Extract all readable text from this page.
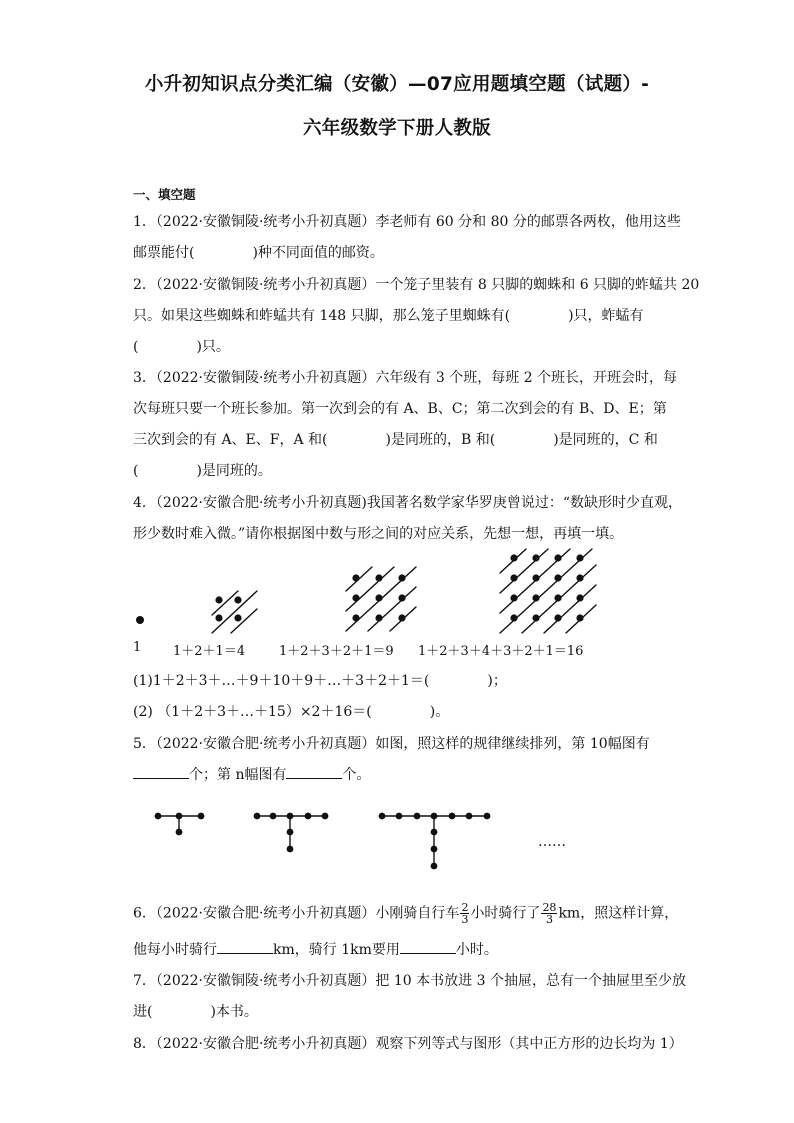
小升初知识点分类汇编（安徽）—07应用题填空题（试题）-
六年级数学下册人教版
一、填空题
1．（2022·安徽铜陵·统考小升初真题）李老师有 60 分和 80 分的邮票各两枚，他用这些
邮票能付(	)种不同面值的邮资。
2．（2022·安徽铜陵·统考小升初真题）一个笼子里装有 8 只脚的蜘蛛和 6 只脚的蚱蜢共 20
只。如果这些蜘蛛和蚱蜢共有 148 只脚，那么笼子里蜘蛛有(	)只，蚱蜢有
(	)只。
3．（2022·安徽铜陵·统考小升初真题）六年级有 3 个班，每班 2 个班长，开班会时，每
次每班只要一个班长参加。第一次到会的有 A、B、C；第二次到会的有 B、D、E；第
三次到会的有 A、E、F，A 和(	)是同班的，B 和(	)是同班的，C 和
(	)是同班的。
4．（2022·安徽合肥·统考小升初真题)我国著名数学家华罗庚曾说过：“数缺形时少直观，
形少数时难入微。”请你根据图中数与形之间的对应关系，先想一想，再填一填。
1 1＋2＋1＝4	1＋2＋3＋2＋1＝9 1＋2＋3＋4＋3＋2＋1＝16
(1)1＋2＋3＋…＋9＋10＋9＋…＋3＋2＋1＝(	)；
(2) （1＋2＋3＋…＋15）×2＋16＝(	)。
5．（2022·安徽合肥·统考小升初真题）如图，照这样的规律继续排列，第 10幅图有
个；第 n幅图有	个。
……
6．（2022·安徽合肥·统考小升初真题）小刚骑自行车 $\frac{2}{3}$ 小时骑行了 $\frac{28}{3}$ km，照这样计算，
他每小时骑行	km，骑行 1km要用	小时。
7．（2022·安徽铜陵·统考小升初真题）把 10 本书放进 3 个抽屉，总有一个抽屉里至少放
进(	)本书。
8．（2022·安徽合肥·统考小升初真题）观察下列等式与图形（其中正方形的边长均为 1）
